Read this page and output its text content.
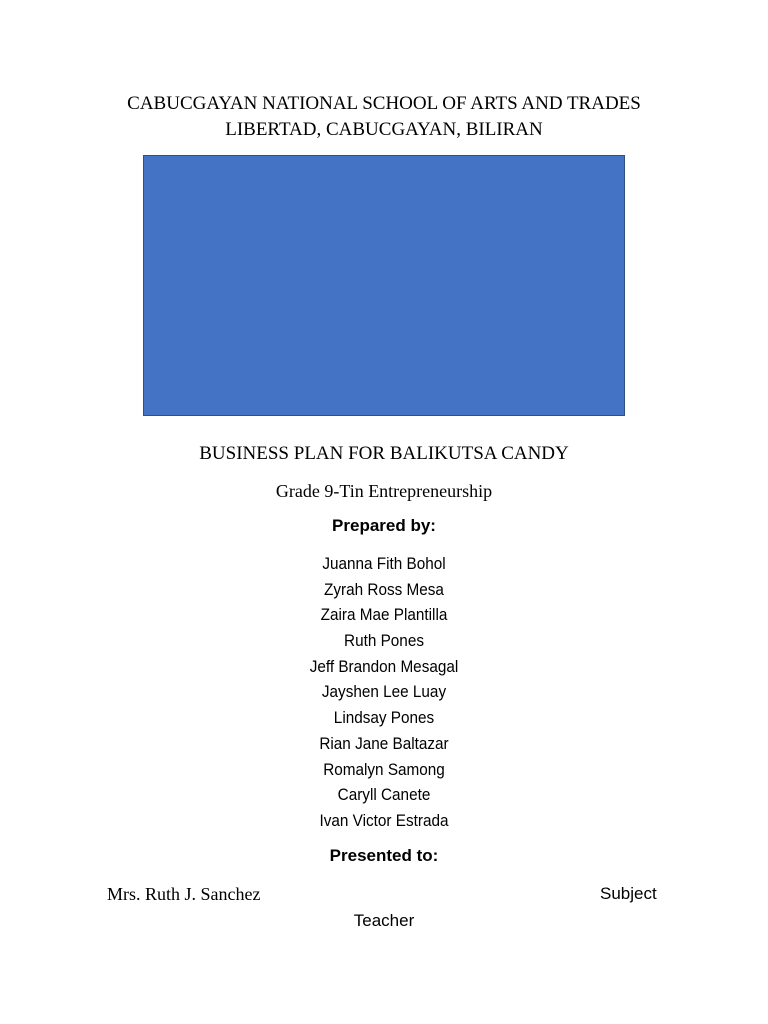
CABUCGAYAN NATIONAL SCHOOL OF ARTS AND TRADES
LIBERTAD, CABUCGAYAN, BILIRAN
BUSINESS PLAN FOR BALIKUTSA CANDY
Grade 9-Tin Entrepreneurship
Prepared by:
Juanna Fith Bohol
Zyrah Ross Mesa
Zaira Mae Plantilla
Ruth Pones
Jeff Brandon Mesagal
Jayshen Lee Luay
Lindsay Pones
Rian Jane Baltazar
Romalyn Samong
Caryll Canete
Ivan Victor Estrada
Presented to:
Mrs. Ruth J. Sanchez	Subject
Teacher
